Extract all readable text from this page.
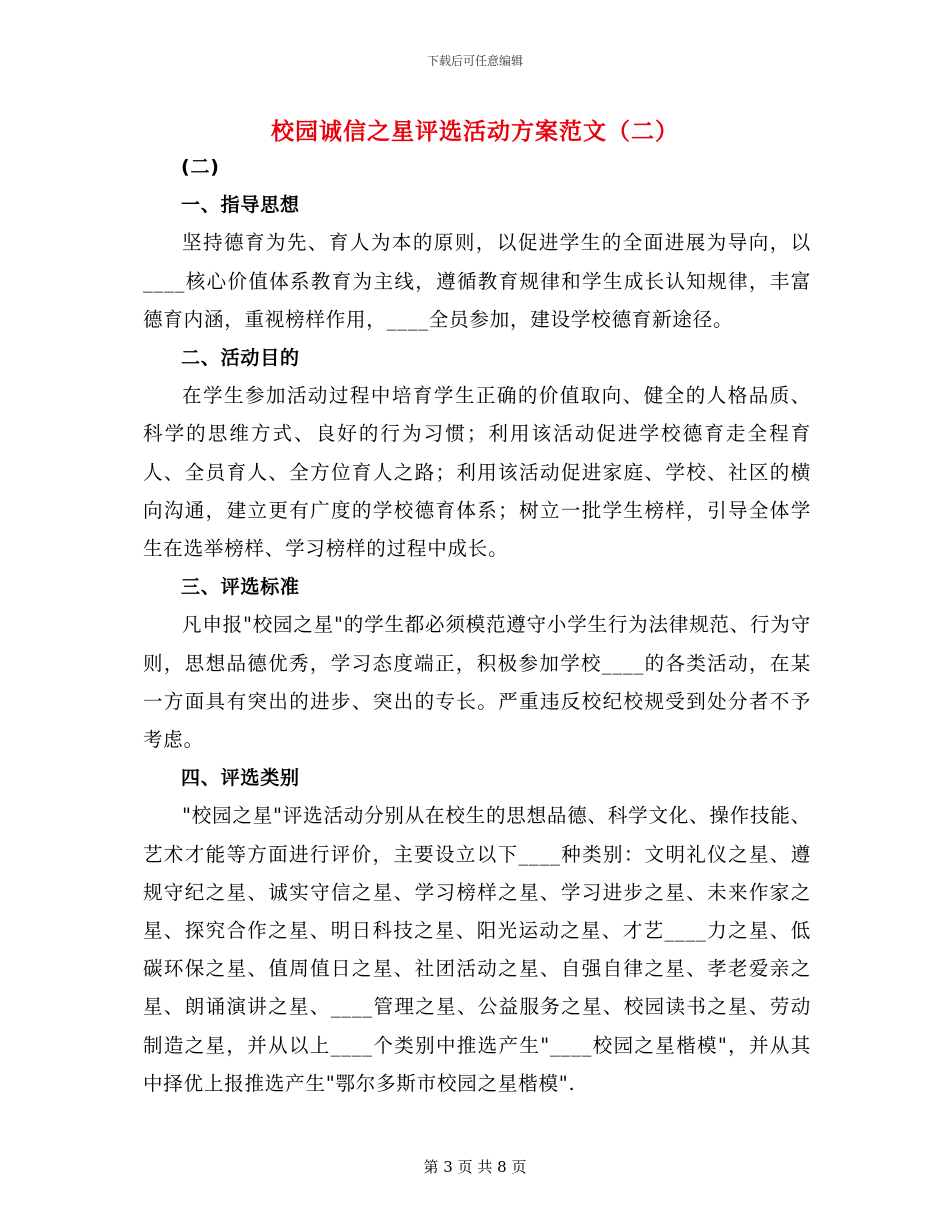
下载后可任意编辑
校园诚信之星评选活动方案范文（二）

(二)

一、指导思想

坚持德育为先、育人为本的原则，以促进学生的全面进展为导向，以____核心价值体系教育为主线，遵循教育规律和学生成长认知规律，丰富德育内涵，重视榜样作用，____全员参加，建设学校德育新途径。

二、活动目的

在学生参加活动过程中培育学生正确的价值取向、健全的人格品质、科学的思维方式、良好的行为习惯；利用该活动促进学校德育走全程育人、全员育人、全方位育人之路；利用该活动促进家庭、学校、社区的横向沟通，建立更有广度的学校德育体系；树立一批学生榜样，引导全体学生在选举榜样、学习榜样的过程中成长。

三、评选标准

凡申报"校园之星"的学生都必须模范遵守小学生行为法律规范、行为守则，思想品德优秀，学习态度端正，积极参加学校____的各类活动，在某一方面具有突出的进步、突出的专长。严重违反校纪校规受到处分者不予考虑。

四、评选类别

"校园之星"评选活动分别从在校生的思想品德、科学文化、操作技能、艺术才能等方面进行评价，主要设立以下____种类别：文明礼仪之星、遵规守纪之星、诚实守信之星、学习榜样之星、学习进步之星、未来作家之星、探究合作之星、明日科技之星、阳光运动之星、才艺____力之星、低碳环保之星、值周值日之星、社团活动之星、自强自律之星、孝老爱亲之星、朗诵演讲之星、____管理之星、公益服务之星、校园读书之星、劳动制造之星，并从以上____个类别中推选产生"____校园之星楷模"，并从其中择优上报推选产生"鄂尔多斯市校园之星楷模".

第 3 页 共 8 页
